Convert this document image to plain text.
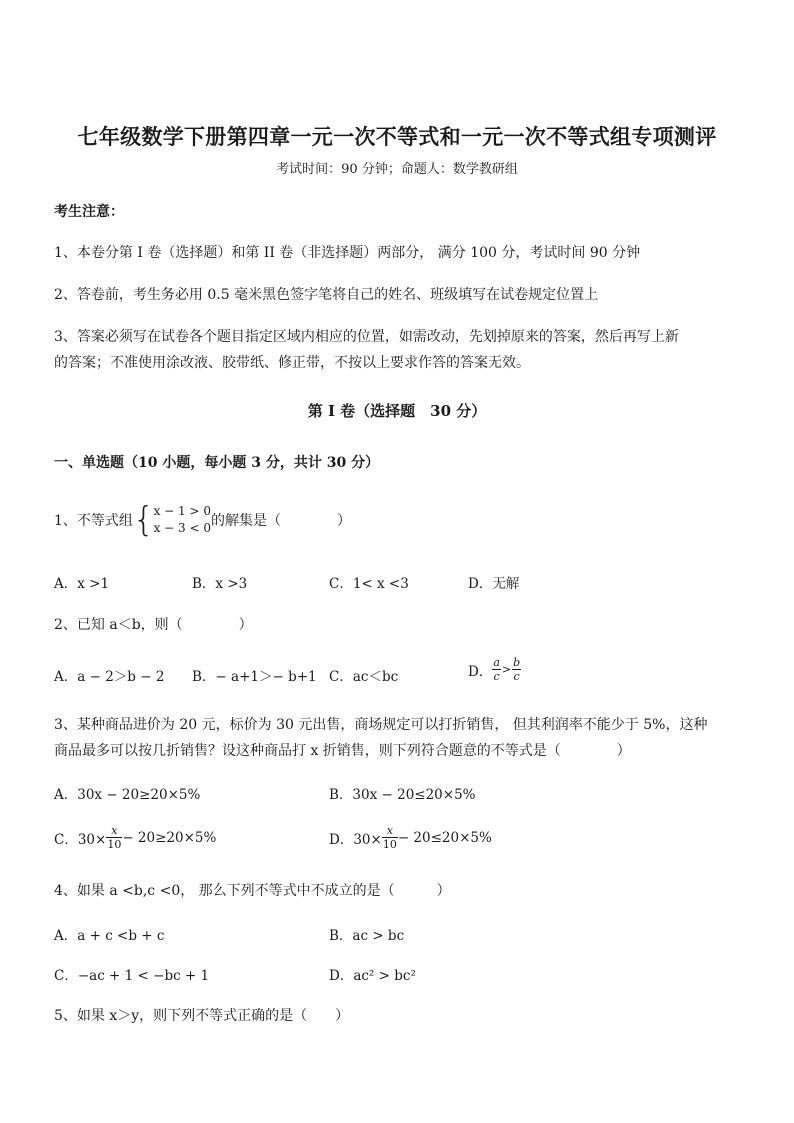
七年级数学下册第四章一元一次不等式和一元一次不等式组专项测评
考试时间：90 分钟；命题人：数学教研组
考生注意：
1、本卷分第 I 卷（选择题）和第 II 卷（非选择题）两部分， 满分 100 分，考试时间 90 分钟
2、答卷前，考生务必用 0.5 毫米黑色签字笔将自己的姓名、班级填写在试卷规定位置上
3、答案必须写在试卷各个题目指定区域内相应的位置，如需改动，先划掉原来的答案，然后再写上新
的答案；不准使用涂改液、胶带纸、修正带，不按以上要求作答的答案无效。
第 I 卷（选择题　30 分）
一、单选题（10 小题，每小题 3 分，共计 30 分）
1、不等式组 { x − 1 > 0
x − 3 < 0 的解集是（　　　　）
A．x >1	B．x >3	C．1< x <3	D．无解
2、已知 a＜b，则（　　　　）
A．a − 2＞b − 2 B．− a+1＞− b+1 C．ac＜bc	D． $\frac{a}{c} > \frac{b}{c}$
3、某种商品进价为 20 元，标价为 30 元出售，商场规定可以打折销售， 但其利润率不能少于 5%，这种
商品最多可以按几折销售？设这种商品打 x 折销售，则下列符合题意的不等式是（　　　　）
A．30x − 20≥20×5%	B．30x − 20≤20×5%
C．$30\times \frac{x}{10} - 20\ge 20\times 5\%$	D．$30\times \frac{x}{10} - 20\le 20\times 5\%$
4、如果 a <b,c <0， 那么下列不等式中不成立的是（　　　）
A．a + c <b + c	B．ac > bc
C．−ac + 1 < −bc + 1	D．ac² > bc²
5、如果 x＞y，则下列不等式正确的是（　　）
